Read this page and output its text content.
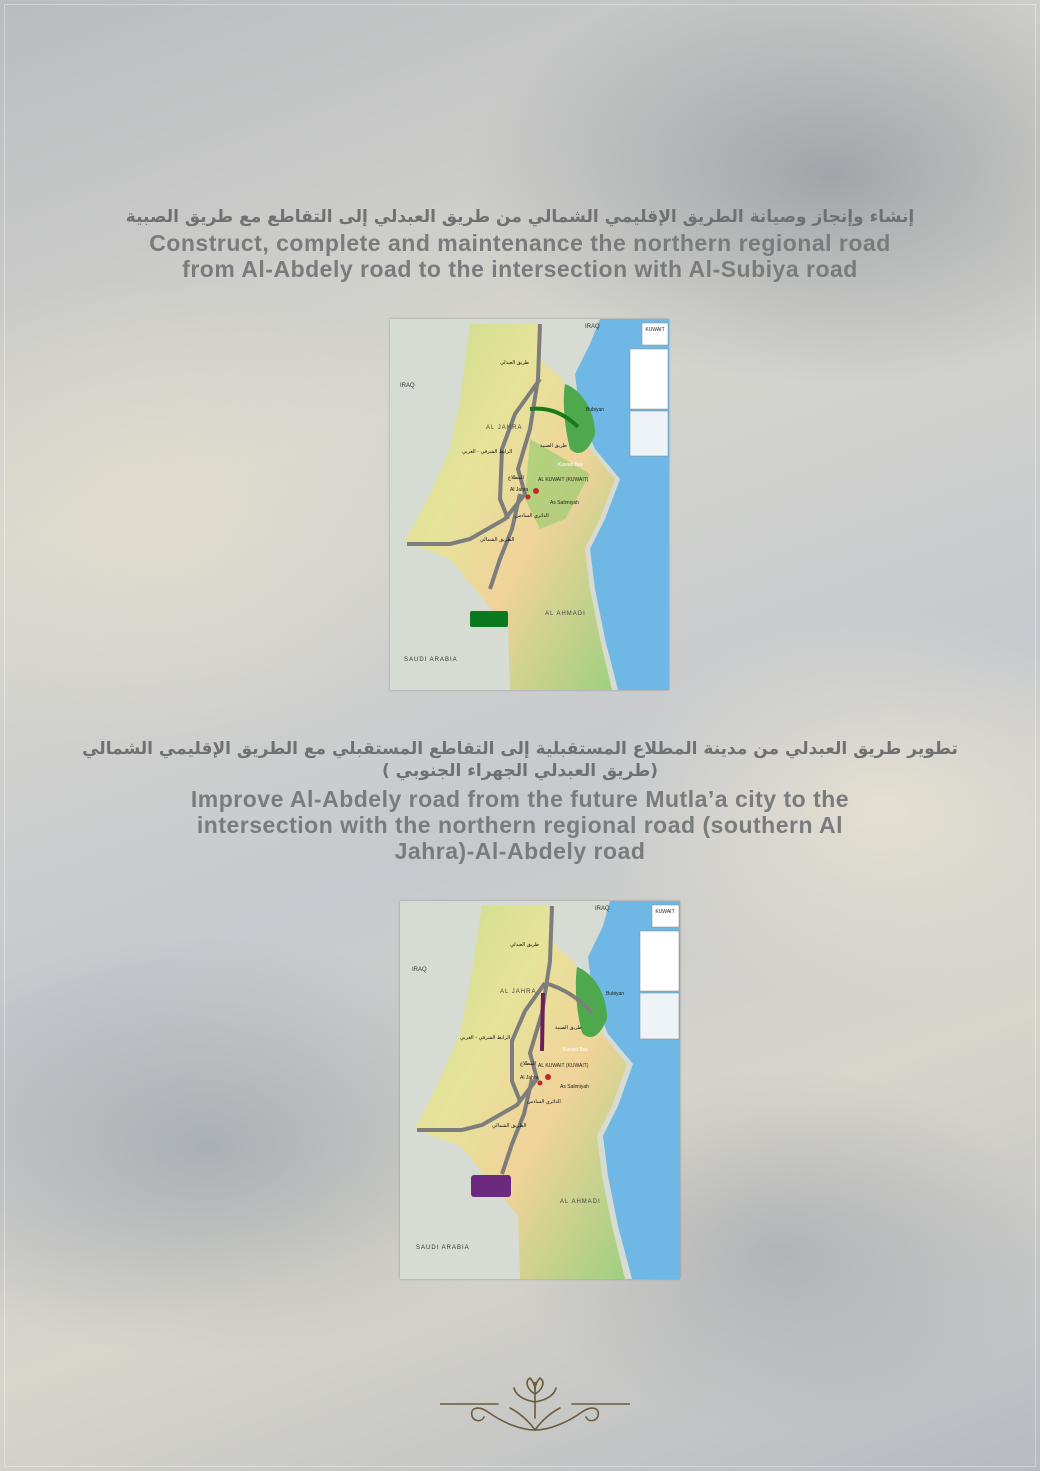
إنشاء وإنجاز وصيانة الطريق الإقليمي الشمالي من طريق العبدلي إلى التقاطع مع طريق الصبية
Construct, complete and maintenance the northern regional road
from Al-Abdely road to the intersection with Al-Subiya road
KUWAIT
IRAQ
IRAQ
SAUDI ARABIA
AL JAHRA
AL AHMADI
AL KUWAIT (KUWAIT)
Al Jahra
As Salimiyah
Kuwait Bay
Bubiyan
طريق العبدلي
المطلاع
الرابط الشرقي - الغربي
الدائري السادس
الطريق الشمالي
طريق الصبية
تطوير طريق العبدلي من مدينة المطلاع المستقبلية إلى التقاطع المستقبلي مع الطريق الإقليمي الشمالي
(طريق العبدلي الجهراء الجنوبي )
Improve Al-Abdely road from the future Mutla’a city to the
intersection with the northern regional road (southern Al
Jahra)-Al-Abdely road
KUWAIT
IRAQ
IRAQ
SAUDI ARABIA
AL JAHRA
AL AHMADI
AL KUWAIT (KUWAIT)
Al Jahra
As Salimiyah
Kuwait Bay
Bubiyan
طريق العبدلي
المطلاع
الرابط الشرقي - الغربي
الدائري السادس
الطريق الشمالي
طريق الصبية
